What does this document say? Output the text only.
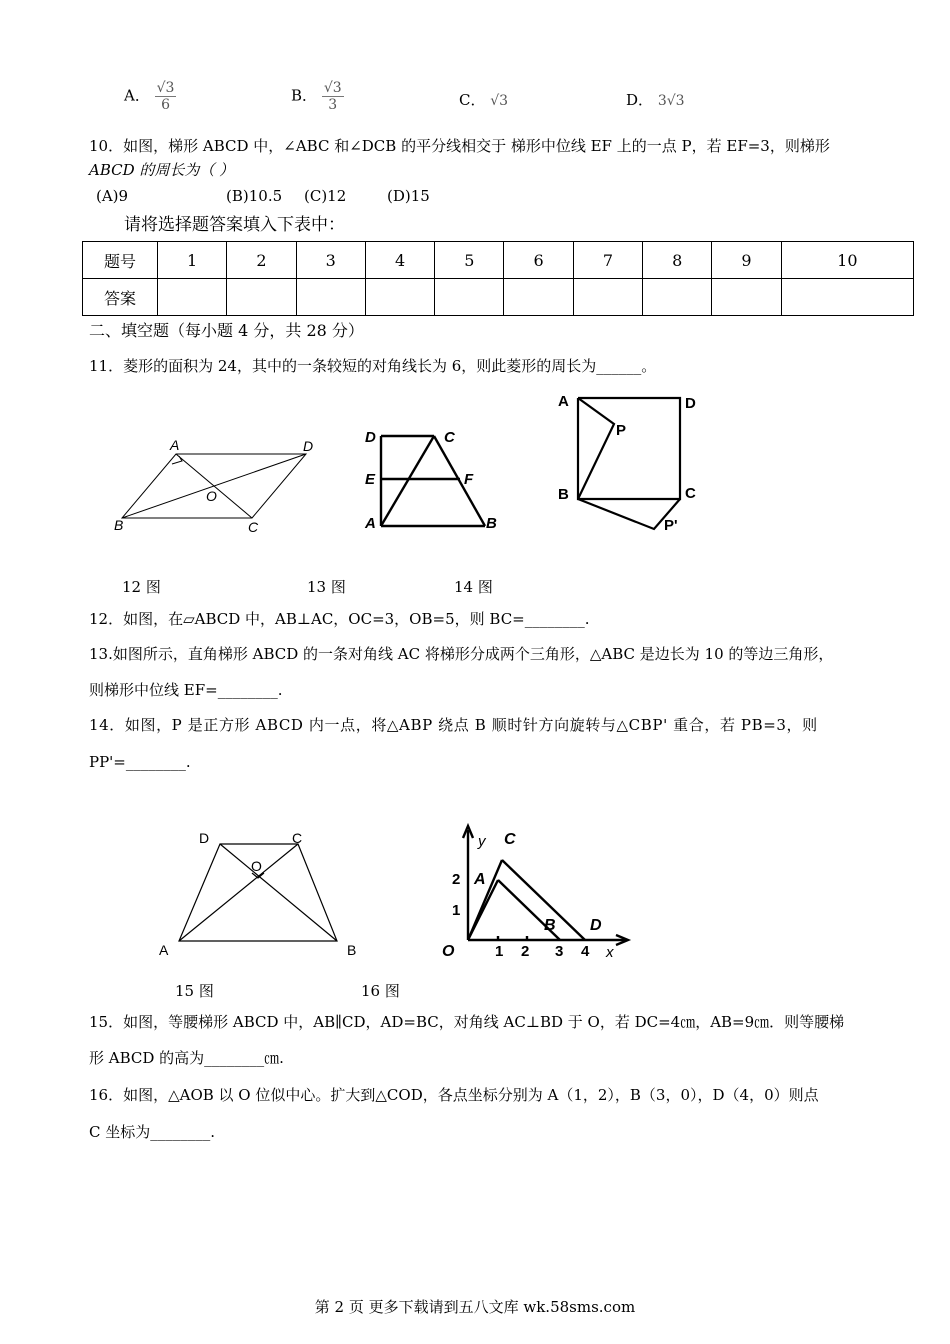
A． $\frac{√3}{6}$	B． $\frac{√3}{3}$	C． √3	D． 3√3
10．如图，梯形 ABCD 中，∠ABC 和∠DCB 的平分线相交于 梯形中位线 EF 上的一点 P，若 EF=3，则梯形
ABCD 的周长为（ ）
(A)9	(B)10.5 (C)12	(D)15
请将选择题答案填入下表中：
题号	1	2	3	4	5	6	7	8	9	10
答案										
二、填空题（每小题 4 分，共 28 分）
11．菱形的面积为 24，其中的一条较短的对角线长为 6，则此菱形的周长为______。
A	D
O
B	C
D	C
E	F
A	B
A	D
P
B	C
P'
12 图	13 图	14 图
12．如图，在▱ABCD 中，AB⊥AC，OC=3，OB=5，则 BC=________.
13.如图所示，直角梯形 ABCD 的一条对角线 AC 将梯形分成两个三角形，△ABC 是边长为 10 的等边三角形，
则梯形中位线 EF=________.
14．如图，P 是正方形 ABCD 内一点，将△ABP 绕点 B 顺时针方向旋转与△CBP' 重合，若 PB=3，则
PP'=________.
D	C
O
A	B
y C
A
B D
O	x
2
1
1 2 3 4
15 图	16 图
15．如图，等腰梯形 ABCD 中，AB∥CD，AD=BC，对角线 AC⊥BD 于 O，若 DC=4㎝，AB=9㎝．则等腰梯
形 ABCD 的高为________㎝.
16．如图，△AOB 以 O 位似中心。扩大到△COD，各点坐标分别为 A（1，2），B（3，0），D（4，0）则点
C 坐标为________.
第 2 页 更多下载请到五八文库 wk.58sms.com
